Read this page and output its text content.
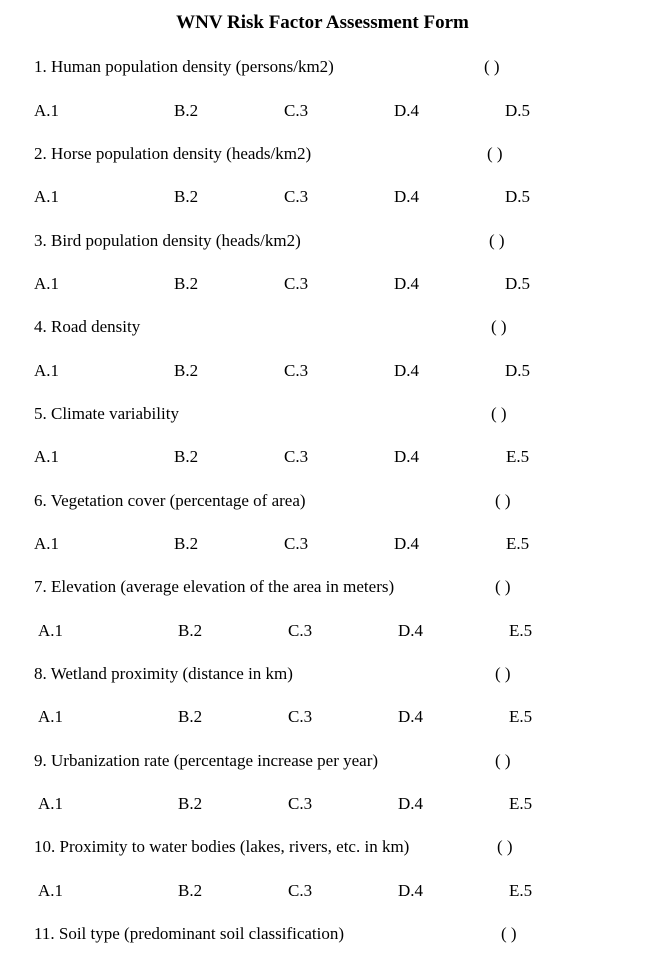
WNV Risk Factor Assessment Form
1. Human population density (persons/km2)	( )
A.1	B.2	C.3	D.4	D.5
2. Horse population density (heads/km2)	( )
A.1	B.2	C.3	D.4	D.5
3. Bird population density (heads/km2)	( )
A.1	B.2	C.3	D.4	D.5
4. Road density	( )
A.1	B.2	C.3	D.4	D.5
5. Climate variability	( )
A.1	B.2	C.3	D.4	E.5
6. Vegetation cover (percentage of area)	( )
A.1	B.2	C.3	D.4	E.5
7. Elevation (average elevation of the area in meters)	( )
A.1	B.2	C.3	D.4	E.5
8. Wetland proximity (distance in km)	( )
A.1	B.2	C.3	D.4	E.5
9. Urbanization rate (percentage increase per year)	( )
A.1	B.2	C.3	D.4	E.5
10. Proximity to water bodies (lakes, rivers, etc. in km)	( )
A.1	B.2	C.3	D.4	E.5
11. Soil type (predominant soil classification)	( )
